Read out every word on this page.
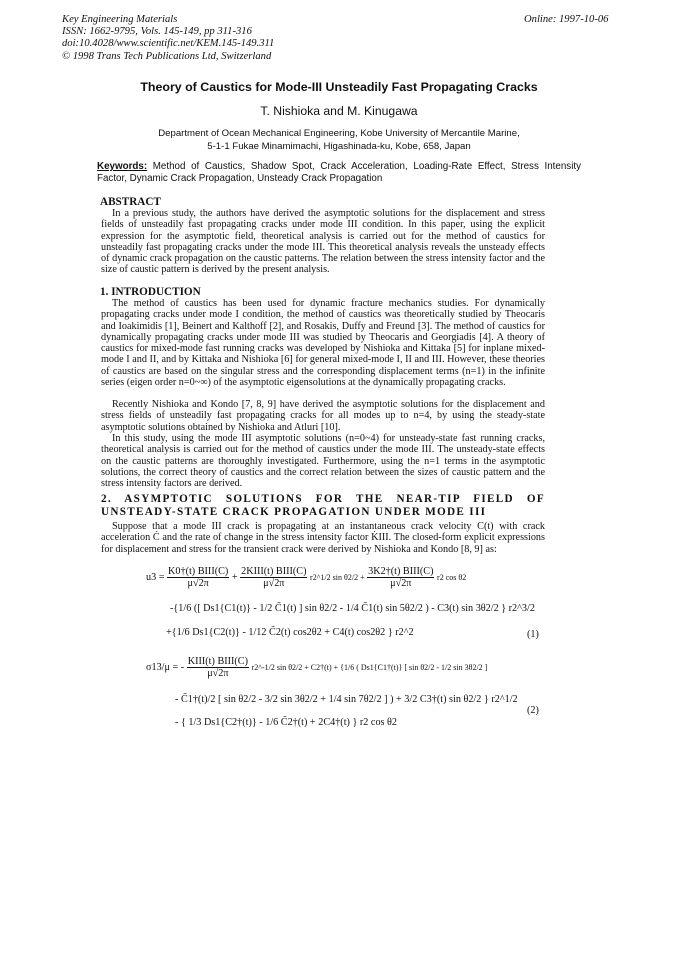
Key Engineering Materials
ISSN: 1662-9795, Vols. 145-149, pp 311-316
doi:10.4028/www.scientific.net/KEM.145-149.311
© 1998 Trans Tech Publications Ltd, Switzerland
Online: 1997-10-06
Theory of Caustics for Mode-III Unsteadily Fast Propagating Cracks
T. Nishioka and M. Kinugawa
Department of Ocean Mechanical Engineering, Kobe University of Mercantile Marine,
5-1-1 Fukae Minamimachi, Higashinada-ku, Kobe, 658, Japan
Keywords: Method of Caustics, Shadow Spot, Crack Acceleration, Loading-Rate Effect, Stress Intensity Factor, Dynamic Crack Propagation, Unsteady Crack Propagation
ABSTRACT
In a previous study, the authors have derived the asymptotic solutions for the displacement and stress fields of unsteadily fast propagating cracks under mode III condition. In this paper, using the explicit expression for the asymptotic field, theoretical analysis is carried out for the method of caustics for unsteadily fast propagating cracks under the mode III. This theoretical analysis reveals the unsteady effects of dynamic crack propagation on the caustic patterns. The relation between the stress intensity factor and the size of caustic pattern is derived by the present analysis.
1. INTRODUCTION
The method of caustics has been used for dynamic fracture mechanics studies. For dynamically propagating cracks under mode I condition, the method of caustics was theoretically studied by Theocaris and Ioakimidis [1], Beinert and Kalthoff [2], and Rosakis, Duffy and Freund [3]. The method of caustics for dynamically propagating cracks under mode III was studied by Theocaris and Georgiadis [4]. A theory of caustics for mixed-mode fast running cracks was developed by Nishioka and Kittaka [5] for inplane mixed-mode I and II, and by Kittaka and Nishioka [6] for general mixed-mode I, II and III. However, these theories of caustics are based on the singular stress and the corresponding displacement terms (n=1) in the infinite series (eigen order n=0~∞) of the asymptotic eigensolutions at the dynamically propagating cracks.
Recently Nishioka and Kondo [7, 8, 9] have derived the asymptotic solutions for the displacement and stress fields of unsteadily fast propagating cracks for all modes up to n=4, by using the steady-state asymptotic solutions obtained by Nishioka and Atluri [10].
In this study, using the mode III asymptotic solutions (n=0~4) for unsteady-state fast running cracks, theoretical analysis is carried out for the method of caustics under the mode III. The unsteady-state effects on the caustic patterns are thoroughly investigated. Furthermore, using the n=1 terms in the asymptotic solutions, the correct theory of caustics and the correct relation between the sizes of caustic pattern and the stress intensity factors are derived.
2. ASYMPTOTIC SOLUTIONS FOR THE NEAR-TIP FIELD OF UNSTEADY-STATE CRACK PROPAGATION UNDER MODE III
Suppose that a mode III crack is propagating at an instantaneous crack velocity C(t) with crack acceleration Ċ and the rate of change in the stress intensity factor K̇III. The closed-form explicit expressions for displacement and stress for the transient crack were derived by Nishioka and Kondo [8, 9] as:
$u3 = \frac{\text{K0†(t) BIII(C)}}{\mu√2\pi} + \frac{\text{2KIII(t) BIII(C)}}{\mu√2\pi}$ r2^1/2 $\sin \theta 2/2 + \frac{\text{3K2†(t) BIII(C)}}{\mu√2\pi} r2$ cos θ2
-{1/6 ([ Ds1{C1(t)} - 1/2 C̃1(t) ] sin θ2/2 - 1/4 C̃1(t) sin 5θ2/2 ) - C3(t) sin 3θ2/2 } r2^3/2
+{1/6 Ds1{C2(t)} - 1/12 C̃2(t) cos2θ2 + C4(t) cos2θ2 } r2^2	(1)
σ13/μ = - $\frac{\text{KIII(t) BIII(C)}}{\mu√2\pi}$ r2^-1/2 sin θ2/2 + C2†(t) + {1/6 ( Ds1{C1†(t)} [ sin θ2/2 - 1/2 sin 3θ2/2 ]
- C̃1†(t)/2 [ sin θ2/2 - 3/2 sin 3θ2/2 + 1/4 sin 7θ2/2 ] ) + 3/2 C3†(t) sin θ2/2 } r2^1/2
- { 1/3 Ds1{C2†(t)} - 1/6 C̃2†(t) + 2C4†(t) } r2 cos θ2
(2)
